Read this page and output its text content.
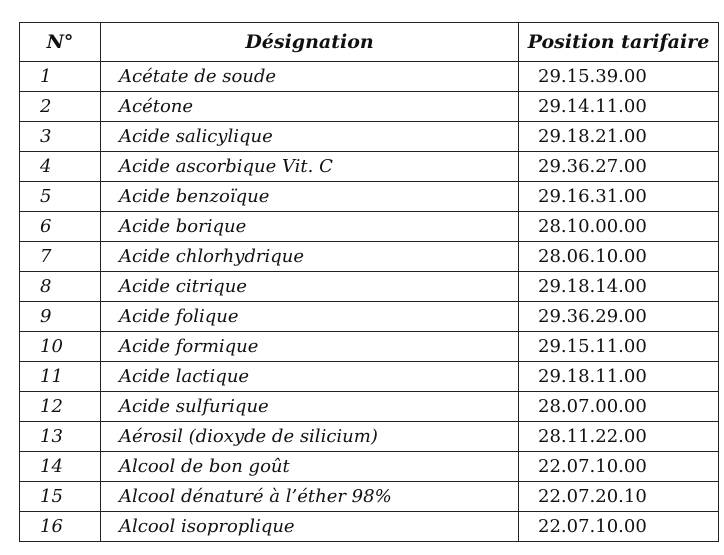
N°	Désignation	Position tarifaire
1	Acétate de soude	29.15.39.00
2	Acétone	29.14.11.00
3	Acide salicylique	29.18.21.00
4	Acide ascorbique Vit. C	29.36.27.00
5	Acide benzoïque	29.16.31.00
6	Acide borique	28.10.00.00
7	Acide chlorhydrique	28.06.10.00
8	Acide citrique	29.18.14.00
9	Acide folique	29.36.29.00
10	Acide formique	29.15.11.00
11	Acide lactique	29.18.11.00
12	Acide sulfurique	28.07.00.00
13	Aérosil (dioxyde de silicium)	28.11.22.00
14	Alcool de bon goût	22.07.10.00
15	Alcool dénaturé à l’éther 98%	22.07.20.10
16	Alcool isoproplique	22.07.10.00
